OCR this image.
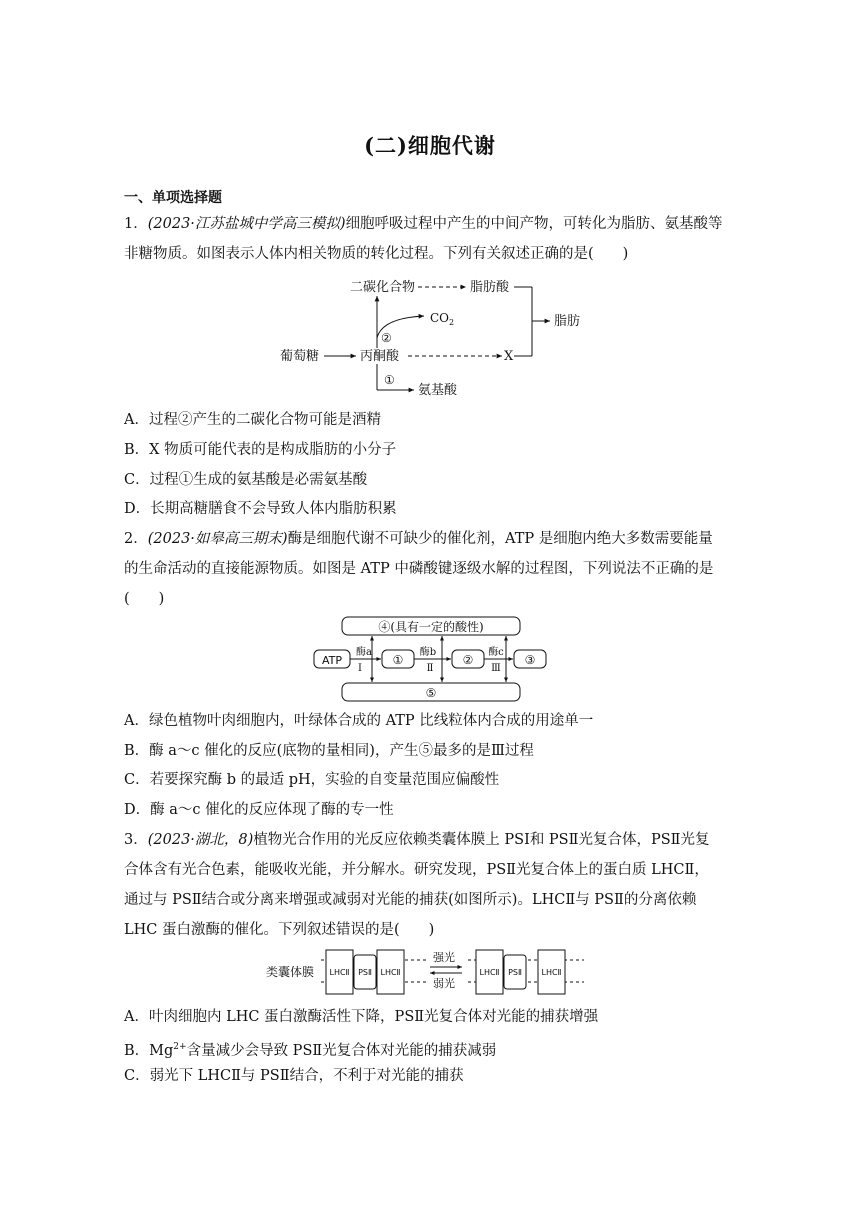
(二)细胞代谢
一、单项选择题
1．(2023·江苏盐城中学高三模拟)细胞呼吸过程中产生的中间产物，可转化为脂肪、氨基酸等
非糖物质。如图表示人体内相关物质的转化过程。下列有关叙述正确的是(　　)
二碳化合物	脂肪酸
脂肪
$CO_2$
②
葡萄糖	丙酮酸	X
①
氨基酸
A．过程②产生的二碳化合物可能是酒精
B．X 物质可能代表的是构成脂肪的小分子
C．过程①生成的氨基酸是必需氨基酸
D．长期高糖膳食不会导致人体内脂肪积累
2．(2023·如皋高三期末)酶是细胞代谢不可缺少的催化剂，ATP 是细胞内绝大多数需要能量
的生命活动的直接能源物质。如图是 ATP 中磷酸键逐级水解的过程图，下列说法不正确的是
(　　)
④(具有一定的酸性)
⑤
ATP	①	②	③
酶a
Ⅰ
酶b
Ⅱ
酶c
Ⅲ
A．绿色植物叶肉细胞内，叶绿体合成的 ATP 比线粒体内合成的用途单一
B．酶 a～c 催化的反应(底物的量相同)，产生⑤最多的是Ⅲ过程
C．若要探究酶 b 的最适 pH，实验的自变量范围应偏酸性
D．酶 a～c 催化的反应体现了酶的专一性
3．(2023·湖北，8)植物光合作用的光反应依赖类囊体膜上 PSⅠ和 PSⅡ光复合体，PSⅡ光复
合体含有光合色素，能吸收光能，并分解水。研究发现，PSⅡ光复合体上的蛋白质 LHCⅡ，
通过与 PSⅡ结合或分离来增强或减弱对光能的捕获(如图所示)。LHCⅡ与 PSⅡ的分离依赖
LHC 蛋白激酶的催化。下列叙述错误的是(　　)
类囊体膜 LHCⅡ PSⅡ LHCⅡ
强光
弱光
LHCⅡ PSⅡ LHCⅡ
A．叶肉细胞内 LHC 蛋白激酶活性下降，PSⅡ光复合体对光能的捕获增强
B．$Mg^{2+}$含量减少会导致 PSⅡ光复合体对光能的捕获减弱
C．弱光下 LHCⅡ与 PSⅡ结合，不利于对光能的捕获
